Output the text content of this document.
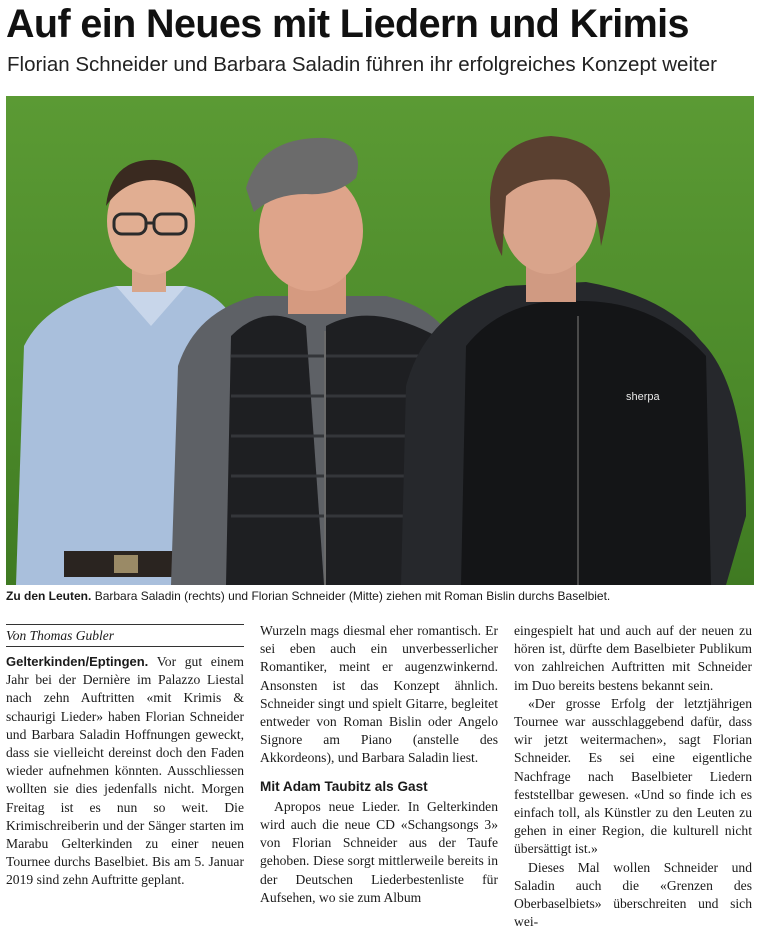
Auf ein Neues mit Liedern und Krimis
Florian Schneider und Barbara Saladin führen ihr erfolgreiches Konzept weiter
sherpa
Zu den Leuten. Barbara Saladin (rechts) und Florian Schneider (Mitte) ziehen mit Roman Bislin durchs Baselbiet.
Von Thomas Gubler

Gelterkinden/Eptingen. Vor gut einem Jahr bei der Dernière im Palazzo Liestal nach zehn Auftritten «mit Krimis & schaurigi Lieder» haben Florian Schneider und Barbara Saladin Hoffnungen geweckt, dass sie vielleicht dereinst doch den Faden wieder aufnehmen könnten. Ausschliessen wollten sie dies jedenfalls nicht. Morgen Freitag ist es nun so weit. Die Krimischreiberin und der Sänger starten im Marabu Gelterkinden zu einer neuen Tournee durchs Baselbiet. Bis am 5. Januar 2019 sind zehn Auftritte geplant.

Wurzeln mags diesmal eher romantisch. Er sei eben auch ein unverbesserlicher Romantiker, meint er augenzwinkernd. Ansonsten ist das Konzept ähnlich. Schneider singt und spielt Gitarre, begleitet entweder von Roman Bislin oder Angelo Signore am Piano (anstelle des Akkordeons), und Barbara Saladin liest.

Mit Adam Taubitz als Gast

Apropos neue Lieder. In Gelterkinden wird auch die neue CD «Schangsongs 3» von Florian Schneider aus der Taufe gehoben. Diese sorgt mittlerweile bereits in der Deutschen Liederbestenliste für Aufsehen, wo sie zum Album

eingespielt hat und auch auf der neuen zu hören ist, dürfte dem Baselbieter Publikum von zahlreichen Auftritten mit Schneider im Duo bereits bestens bekannt sein.

«Der grosse Erfolg der letztjährigen Tournee war ausschlaggebend dafür, dass wir jetzt weitermachen», sagt Florian Schneider. Es sei eine eigentliche Nachfrage nach Baselbieter Liedern feststellbar gewesen. «Und so finde ich es einfach toll, als Künstler zu den Leuten zu gehen in einer Region, die kulturell nicht übersättigt ist.»

Dieses Mal wollen Schneider und Saladin auch die «Grenzen des Oberbaselbiets» überschreiten und sich wei-
